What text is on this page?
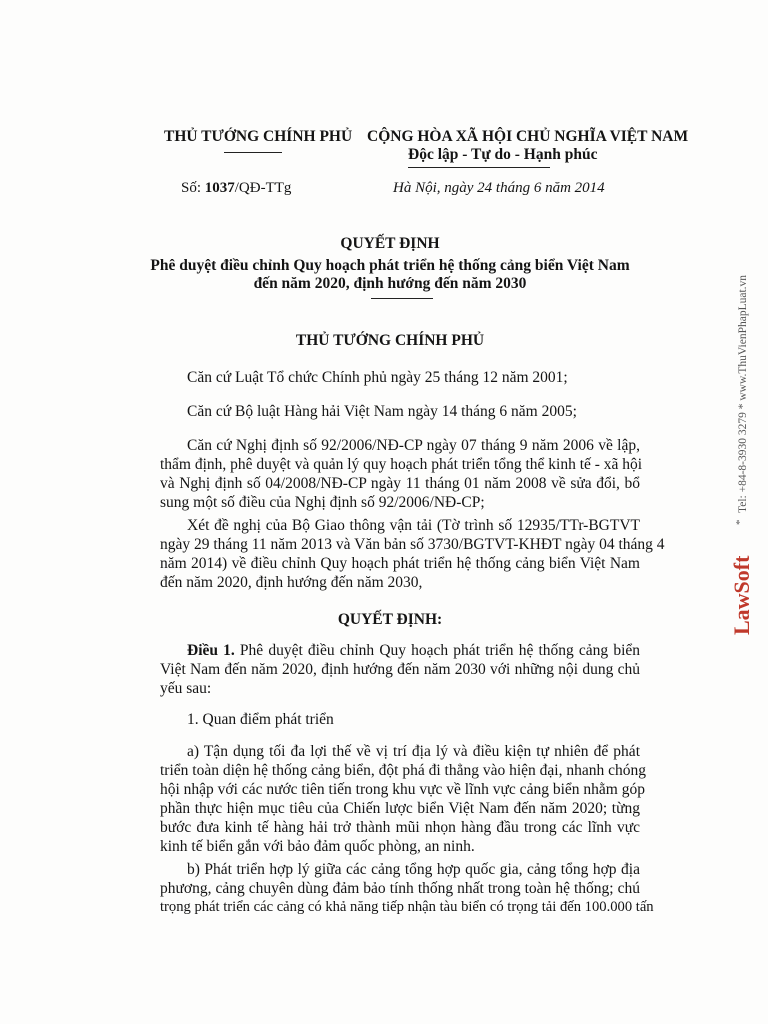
THỦ TƯỚNG CHÍNH PHỦ CỘNG HÒA XÃ HỘI CHỦ NGHĨA VIỆT NAM
Độc lập - Tự do - Hạnh phúc
Số: 1037/QĐ-TTg	Hà Nội, ngày 24 tháng 6 năm 2014
QUYẾT ĐỊNH
Phê duyệt điều chỉnh Quy hoạch phát triển hệ thống cảng biển Việt Nam
đến năm 2020, định hướng đến năm 2030
THỦ TƯỚNG CHÍNH PHỦ
Căn cứ Luật Tổ chức Chính phủ ngày 25 tháng 12 năm 2001;
Căn cứ Bộ luật Hàng hải Việt Nam ngày 14 tháng 6 năm 2005;
Căn cứ Nghị định số 92/2006/NĐ-CP ngày 07 tháng 9 năm 2006 về lập,
thẩm định, phê duyệt và quản lý quy hoạch phát triển tổng thể kinh tế - xã hội
và Nghị định số 04/2008/NĐ-CP ngày 11 tháng 01 năm 2008 về sửa đổi, bổ
sung một số điều của Nghị định số 92/2006/NĐ-CP;
Xét đề nghị của Bộ Giao thông vận tải (Tờ trình số 12935/TTr-BGTVT
ngày 29 tháng 11 năm 2013 và Văn bản số 3730/BGTVT-KHĐT ngày 04 tháng 4
năm 2014) về điều chỉnh Quy hoạch phát triển hệ thống cảng biển Việt Nam
đến năm 2020, định hướng đến năm 2030,
QUYẾT ĐỊNH:
Điều 1. Phê duyệt điều chỉnh Quy hoạch phát triển hệ thống cảng biển
Việt Nam đến năm 2020, định hướng đến năm 2030 với những nội dung chủ
yếu sau:
1. Quan điểm phát triển
a) Tận dụng tối đa lợi thế về vị trí địa lý và điều kiện tự nhiên để phát
triển toàn diện hệ thống cảng biển, đột phá đi thẳng vào hiện đại, nhanh chóng
hội nhập với các nước tiên tiến trong khu vực về lĩnh vực cảng biển nhằm góp
phần thực hiện mục tiêu của Chiến lược biển Việt Nam đến năm 2020; từng
bước đưa kinh tế hàng hải trở thành mũi nhọn hàng đầu trong các lĩnh vực
kinh tế biển gắn với bảo đảm quốc phòng, an ninh.
b) Phát triển hợp lý giữa các cảng tổng hợp quốc gia, cảng tổng hợp địa
phương, cảng chuyên dùng đảm bảo tính thống nhất trong toàn hệ thống; chú
trọng phát triển các cảng có khả năng tiếp nhận tàu biển có trọng tải đến 100.000 tấn
LawSoft
*
Tel: +84-8-3930 3279 * www.ThuVienPhapLuat.vn
